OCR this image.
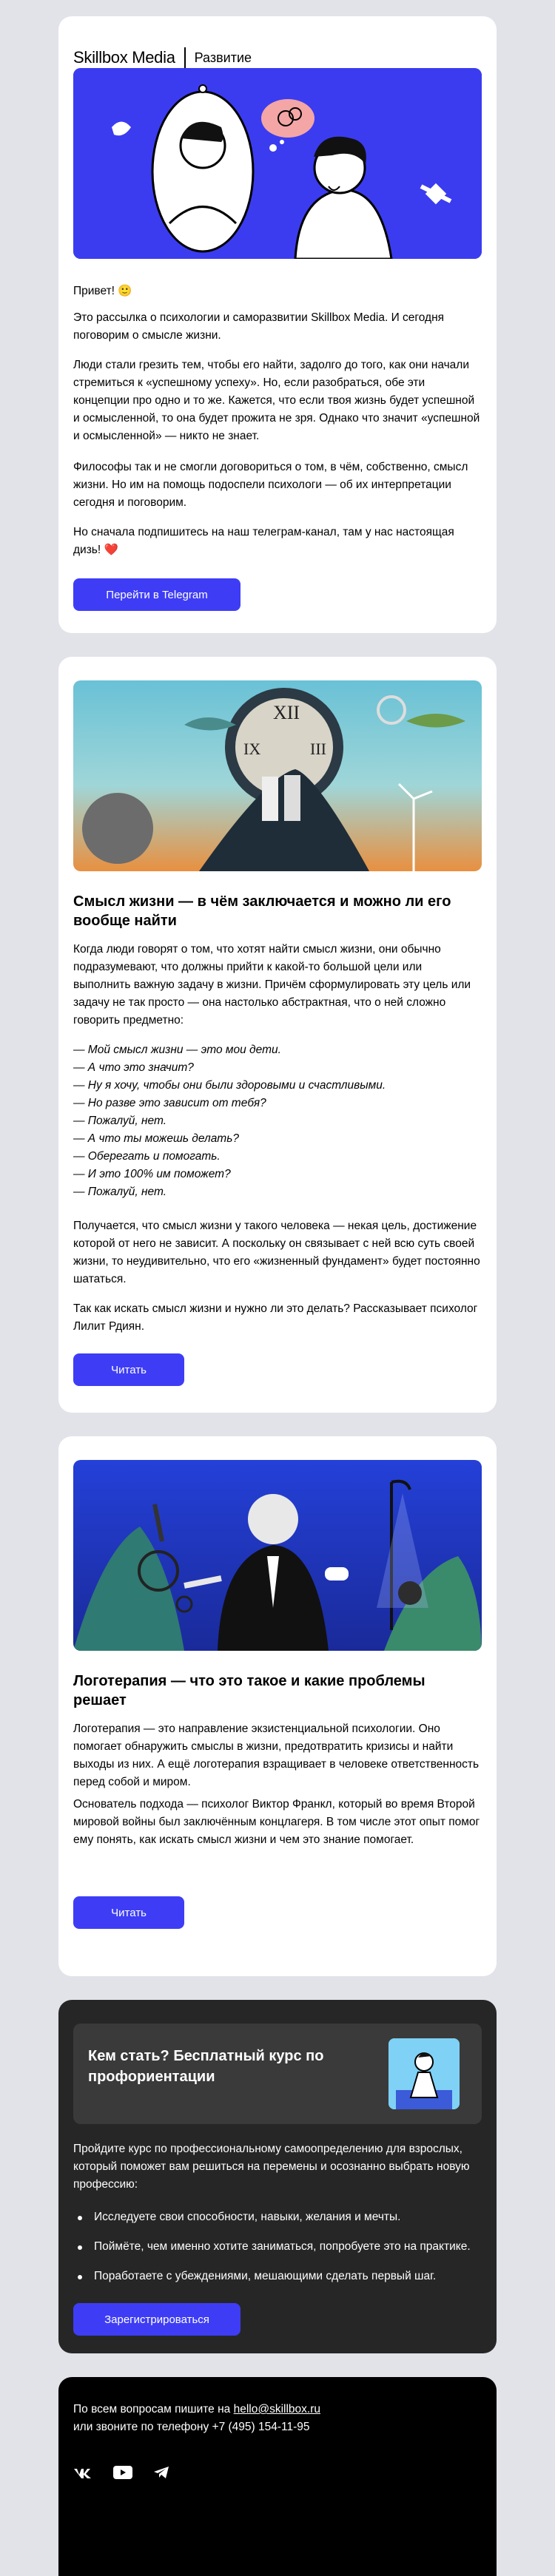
Skillbox Media Развитие

Привет! 🙂

Это рассылка о психологии и саморазвитии Skillbox Media. И сегодня поговорим о смысле жизни.

Люди стали грезить тем, чтобы его найти, задолго до того, как они начали стремиться к «успешному успеху». Но, если разобраться, обе эти концепции про одно и то же. Кажется, что если твоя жизнь будет успешной и осмысленной, то она будет прожита не зря. Однако что значит «успешной и осмысленной» — никто не знает.

Философы так и не смогли договориться о том, в чём, собственно, смысл жизни. Но им на помощь подоспели психологи — об их интерпретации сегодня и поговорим.

Но сначала подпишитесь на наш телеграм-канал, там у нас настоящая дизь! ❤️

Перейти в Telegram
XII
IX	III
Смысл жизни — в чём заключается и можно ли его вообще найти

Когда люди говорят о том, что хотят найти смысл жизни, они обычно подразумевают, что должны прийти к какой-то большой цели или выполнить важную задачу в жизни. Причём сформулировать эту цель или задачу не так просто — она настолько абстрактная, что о ней сложно говорить предметно:

— Мой смысл жизни — это мои дети.

— А что это значит?

— Ну я хочу, чтобы они были здоровыми и счастливыми.

— Но разве это зависит от тебя?

— Пожалуй, нет.

— А что ты можешь делать?

— Оберегать и помогать.

— И это 100% им поможет?

— Пожалуй, нет.

Получается, что смысл жизни у такого человека — некая цель, достижение которой от него не зависит. А поскольку он связывает с ней всю суть своей жизни, то неудивительно, что его «жизненный фундамент» будет постоянно шататься.

Так как искать смысл жизни и нужно ли это делать? Рассказывает психолог Лилит Рдиян.

Читать
Логотерапия — что это такое и какие проблемы решает

Логотерапия — это направление экзистенциальной психологии. Оно помогает обнаружить смыслы в жизни, предотвратить кризисы и найти выходы из них. А ещё логотерапия взращивает в человеке ответственность перед собой и миром.

Основатель подхода — психолог Виктор Франкл, который во время Второй мировой войны был заключённым концлагеря. В том числе этот опыт помог ему понять, как искать смысл жизни и чем это знание помогает.

Читать
Кем стать? Бесплатный курс по профориентации

Пройдите курс по профессиональному самоопределению для взрослых, который поможет вам решиться на перемены и осознанно выбрать новую профессию:

Исследуете свои способности, навыки, желания и мечты.
Поймёте, чем именно хотите заниматься, попробуете это на практике.
Поработаете с убеждениями, мешающими сделать первый шаг.
Зарегистрироваться

По всем вопросам пишите на hello@skillbox.ru

или звоните по телефону +7 (495) 154-11-95
